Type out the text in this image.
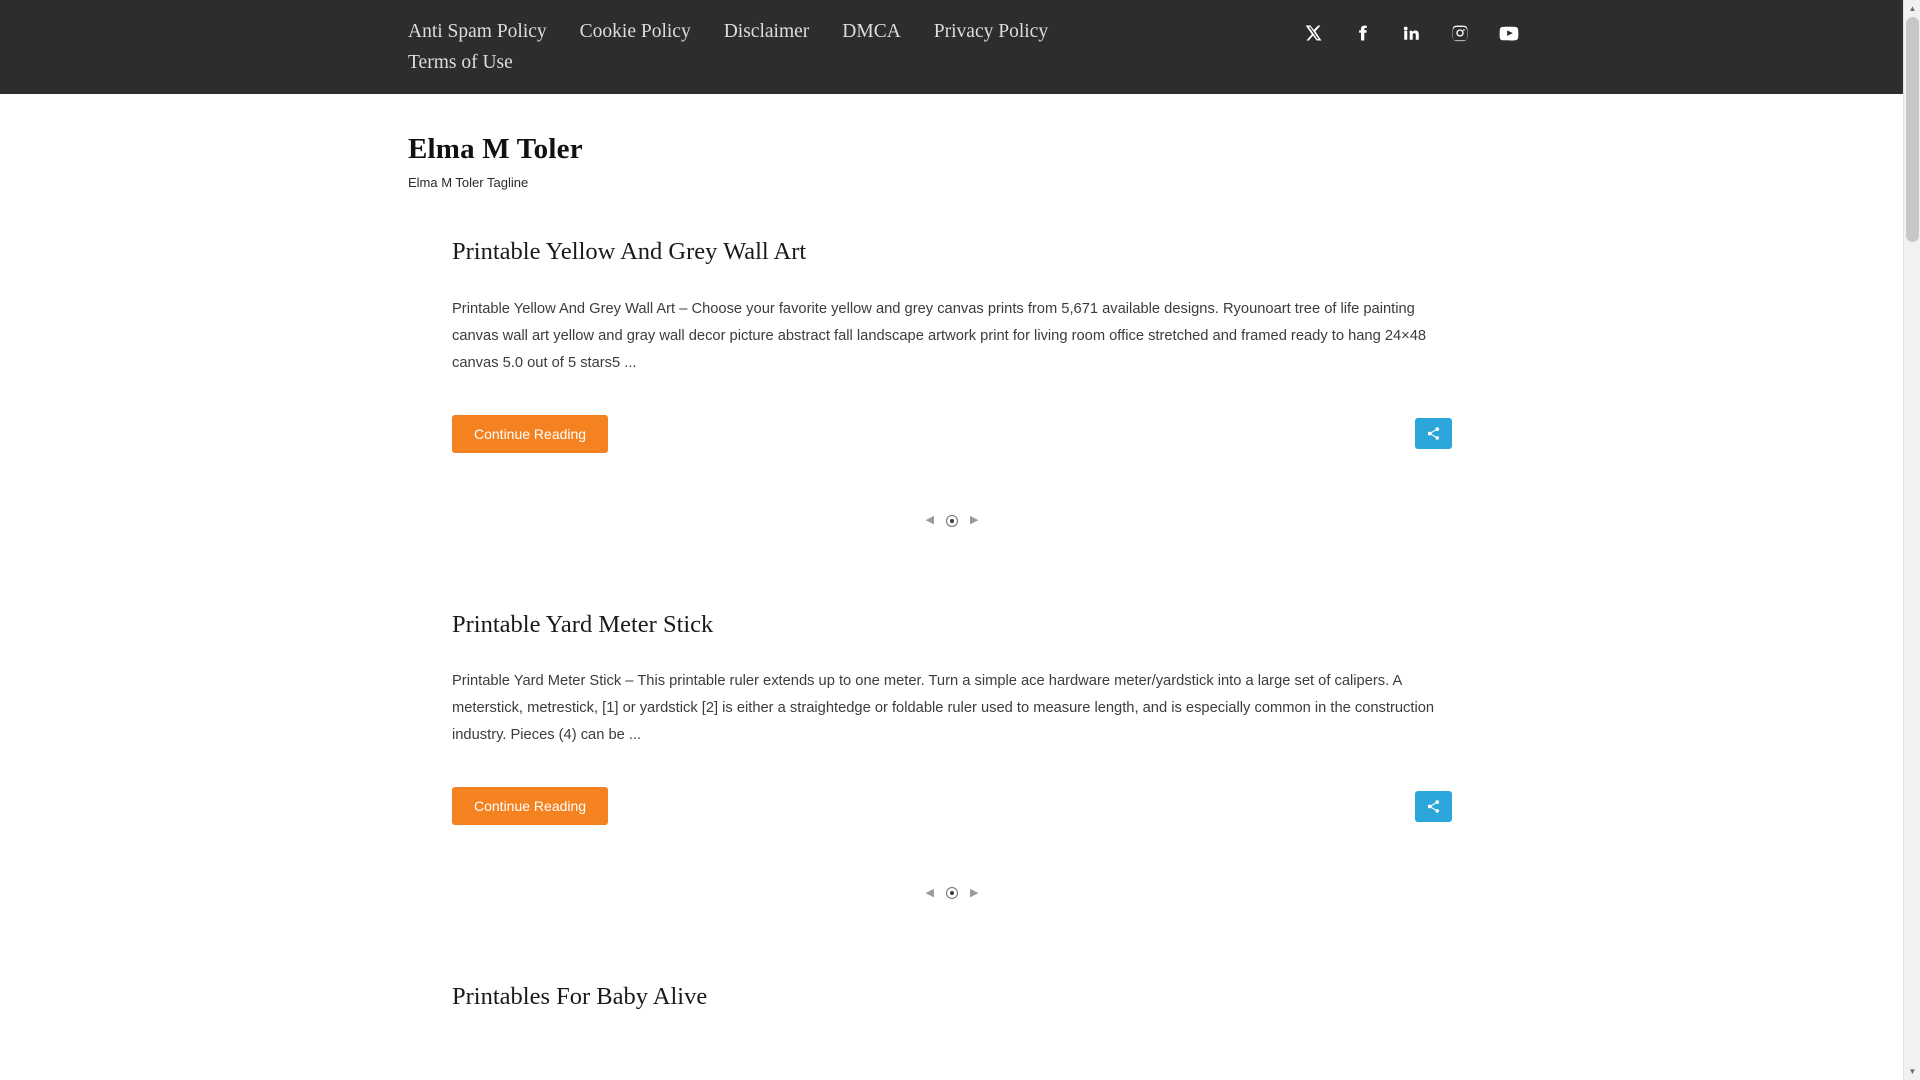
Anti Spam Policy Cookie Policy Disclaimer DMCA Privacy Policy
Terms of Use
Elma M Toler

Elma M Toler Tagline

Printable Yellow And Grey Wall Art

Printable Yellow And Grey Wall Art – Choose your favorite yellow and grey canvas prints from 5,671 available designs. Ryounoart tree of life painting canvas wall art yellow and gray wall decor picture abstract fall landscape artwork print for living room office stretched and framed ready to hang 24×48 canvas 5.0 out of 5 stars5 ...

Continue Reading
◀	▶
Printable Yard Meter Stick

Printable Yard Meter Stick – This printable ruler extends up to one meter. Turn a simple ace hardware meter/yardstick into a large set of calipers. A meterstick, metrestick, [1] or yardstick [2] is either a straightedge or foldable ruler used to measure length, and is especially common in the construction industry. Pieces (4) can be ...

Continue Reading
◀	▶
Printables For Baby Alive
▲
▼
